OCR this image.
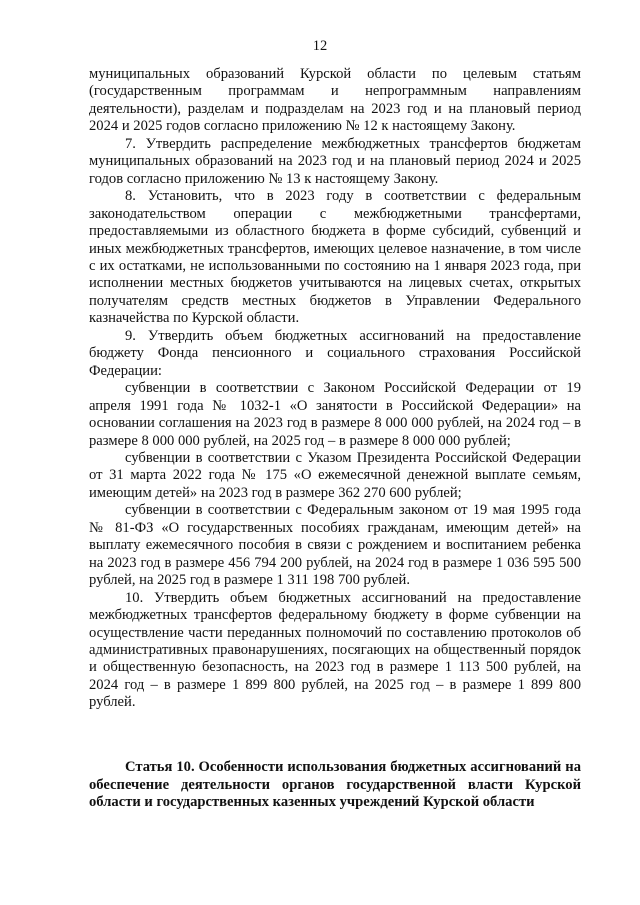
12

муниципальных образований Курской области по целевым статьям (государственным программам и непрограммным направлениям деятельности), разделам и подразделам на 2023 год и на плановый период 2024 и 2025 годов согласно приложению № 12 к настоящему Закону.

7. Утвердить распределение межбюджетных трансфертов бюджетам муниципальных образований на 2023 год и на плановый период 2024 и 2025 годов согласно приложению № 13 к настоящему Закону.

8. Установить, что в 2023 году в соответствии с федеральным законодательством операции с межбюджетными трансфертами, предоставляемыми из областного бюджета в форме субсидий, субвенций и иных межбюджетных трансфертов, имеющих целевое назначение, в том числе с их остатками, не использованными по состоянию на 1 января 2023 года, при исполнении местных бюджетов учитываются на лицевых счетах, открытых получателям средств местных бюджетов в Управлении Федерального казначейства по Курской области.

9. Утвердить объем бюджетных ассигнований на предоставление бюджету Фонда пенсионного и социального страхования Российской Федерации:

субвенции в соответствии с Законом Российской Федерации от 19 апреля 1991 года № 1032-1 «О занятости в Российской Федерации» на основании соглашения на 2023 год в размере 8 000 000 рублей, на 2024 год – в размере 8 000 000 рублей, на 2025 год – в размере 8 000 000 рублей;

субвенции в соответствии с Указом Президента Российской Федерации от 31 марта 2022 года № 175 «О ежемесячной денежной выплате семьям, имеющим детей» на 2023 год в размере 362 270 600 рублей;

субвенции в соответствии с Федеральным законом от 19 мая 1995 года № 81-ФЗ «О государственных пособиях гражданам, имеющим детей» на выплату ежемесячного пособия в связи с рождением и воспитанием ребенка на 2023 год в размере 456 794 200 рублей, на 2024 год в размере 1 036 595 500 рублей, на 2025 год в размере 1 311 198 700 рублей.

10. Утвердить объем бюджетных ассигнований на предоставление межбюджетных трансфертов федеральному бюджету в форме субвенции на осуществление части переданных полномочий по составлению протоколов об административных правонарушениях, посягающих на общественный порядок и общественную безопасность, на 2023 год в размере 1 113 500 рублей, на 2024 год – в размере 1 899 800 рублей, на 2025 год – в размере 1 899 800 рублей.

Статья 10. Особенности использования бюджетных ассигнований на обеспечение деятельности органов государственной власти Курской области и государственных казенных учреждений Курской области
